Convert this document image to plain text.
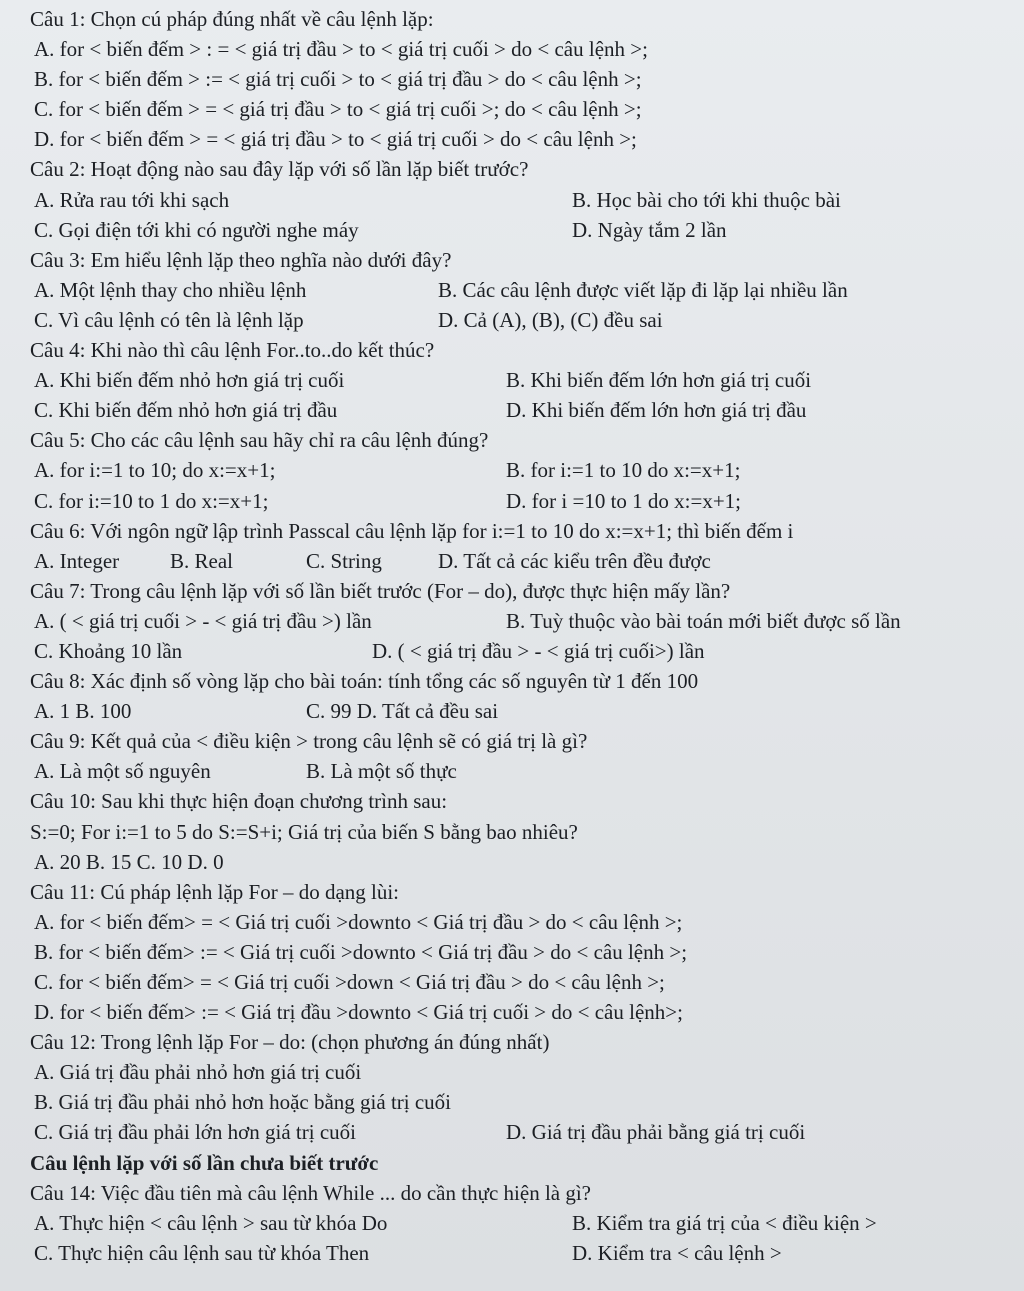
Câu 1: Chọn cú pháp đúng nhất về câu lệnh lặp:
A. for < biến đếm > : = < giá trị đầu > to < giá trị cuối > do < câu lệnh >;
B. for < biến đếm > := < giá trị cuối > to < giá trị đầu > do < câu lệnh >;
C. for < biến đếm > = < giá trị đầu > to < giá trị cuối >; do < câu lệnh >;
D. for < biến đếm > = < giá trị đầu > to < giá trị cuối > do < câu lệnh >;
Câu 2: Hoạt động nào sau đây lặp với số lần lặp biết trước?
A. Rửa rau tới khi sạch	B. Học bài cho tới khi thuộc bài
C. Gọi điện tới khi có người nghe máy	D. Ngày tắm 2 lần
Câu 3: Em hiểu lệnh lặp theo nghĩa nào dưới đây?
A. Một lệnh thay cho nhiều lệnh	B. Các câu lệnh được viết lặp đi lặp lại nhiều lần
C. Vì câu lệnh có tên là lệnh lặp	D. Cả (A), (B), (C) đều sai
Câu 4: Khi nào thì câu lệnh For..to..do kết thúc?
A. Khi biến đếm nhỏ hơn giá trị cuối	B. Khi biến đếm lớn hơn giá trị cuối
C. Khi biến đếm nhỏ hơn giá trị đầu	D. Khi biến đếm lớn hơn giá trị đầu
Câu 5: Cho các câu lệnh sau hãy chỉ ra câu lệnh đúng?
A. for i:=1 to 10; do x:=x+1;	B. for i:=1 to 10 do x:=x+1;
C. for i:=10 to 1 do x:=x+1;	D. for i =10 to 1 do x:=x+1;
Câu 6: Với ngôn ngữ lập trình Passcal câu lệnh lặp for i:=1 to 10 do x:=x+1; thì biến đếm i
A. Integer B. Real	C. String	D. Tất cả các kiểu trên đều được
Câu 7: Trong câu lệnh lặp với số lần biết trước (For – do), được thực hiện mấy lần?
A. ( < giá trị cuối > - < giá trị đầu >) lần	B. Tuỳ thuộc vào bài toán mới biết được số lần
C. Khoảng 10 lần	D. ( < giá trị đầu > - < giá trị cuối>) lần
Câu 8: Xác định số vòng lặp cho bài toán: tính tổng các số nguyên từ 1 đến 100
A. 1 B. 100	C. 99 D. Tất cả đều sai
Câu 9: Kết quả của < điều kiện > trong câu lệnh sẽ có giá trị là gì?
A. Là một số nguyên	B. Là một số thực
Câu 10: Sau khi thực hiện đoạn chương trình sau:
S:=0; For i:=1 to 5 do S:=S+i; Giá trị của biến S bằng bao nhiêu?
A. 20 B. 15 C. 10 D. 0
Câu 11: Cú pháp lệnh lặp For – do dạng lùi:
A. for < biến đếm> = < Giá trị cuối >downto < Giá trị đầu > do < câu lệnh >;
B. for < biến đếm> := < Giá trị cuối >downto < Giá trị đầu > do < câu lệnh >;
C. for < biến đếm> = < Giá trị cuối >down < Giá trị đầu > do < câu lệnh >;
D. for < biến đếm> := < Giá trị đầu >downto < Giá trị cuối > do < câu lệnh>;
Câu 12: Trong lệnh lặp For – do: (chọn phương án đúng nhất)
A. Giá trị đầu phải nhỏ hơn giá trị cuối
B. Giá trị đầu phải nhỏ hơn hoặc bằng giá trị cuối
C. Giá trị đầu phải lớn hơn giá trị cuối	D. Giá trị đầu phải bằng giá trị cuối
Câu lệnh lặp với số lần chưa biết trước
Câu 14: Việc đầu tiên mà câu lệnh While ... do cần thực hiện là gì?
A. Thực hiện < câu lệnh > sau từ khóa Do	B. Kiểm tra giá trị của < điều kiện >
C. Thực hiện câu lệnh sau từ khóa Then	D. Kiểm tra < câu lệnh >
